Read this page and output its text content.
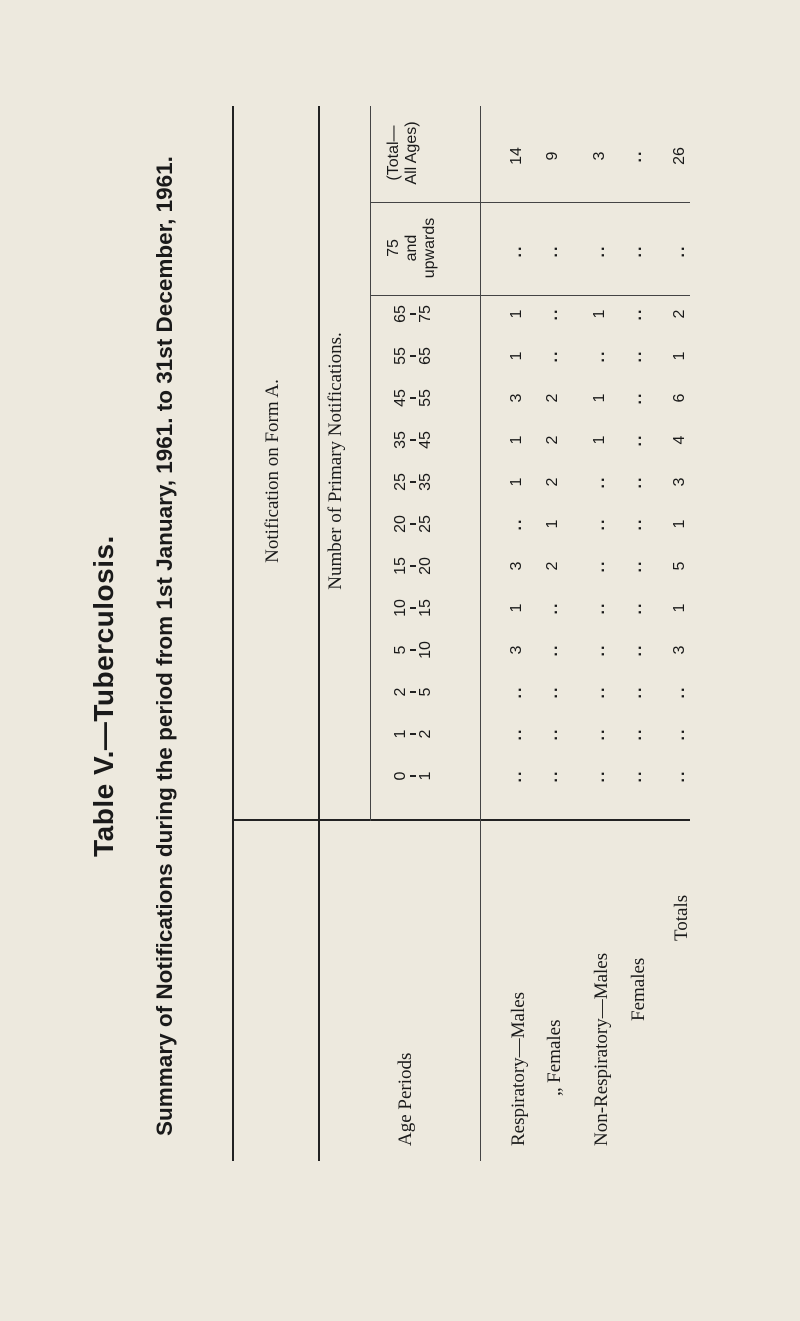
Table V.—Tuberculosis. Summary of Notifications during the period from 1st January, 1961. to 31st December, 1961.	Notification on Form A. Number of Primary Notifications.
Age Periods
0 1
1 2
2 5
5 10
10 15
15 20
20 25
25 35
35 45
45 55
55 65
65 75
75
and
upwards
(Total—
All Ages)
Respiratory—Males „ Females Non-Respiratory—Males Females
Totals
..
..
..
3
1
3
..
1
1
3
1
1
..
14
..
..
..
..
..
2
1
2
2
2
..
..
..
9
..
..
..
..
..
..
..
..
1
1
..
1
..
3
..
..
..
..
..
..
..
..
..
..
..
..
..
..
..
..
..
3
1
5
1
3
4
6
1
2
..
26
